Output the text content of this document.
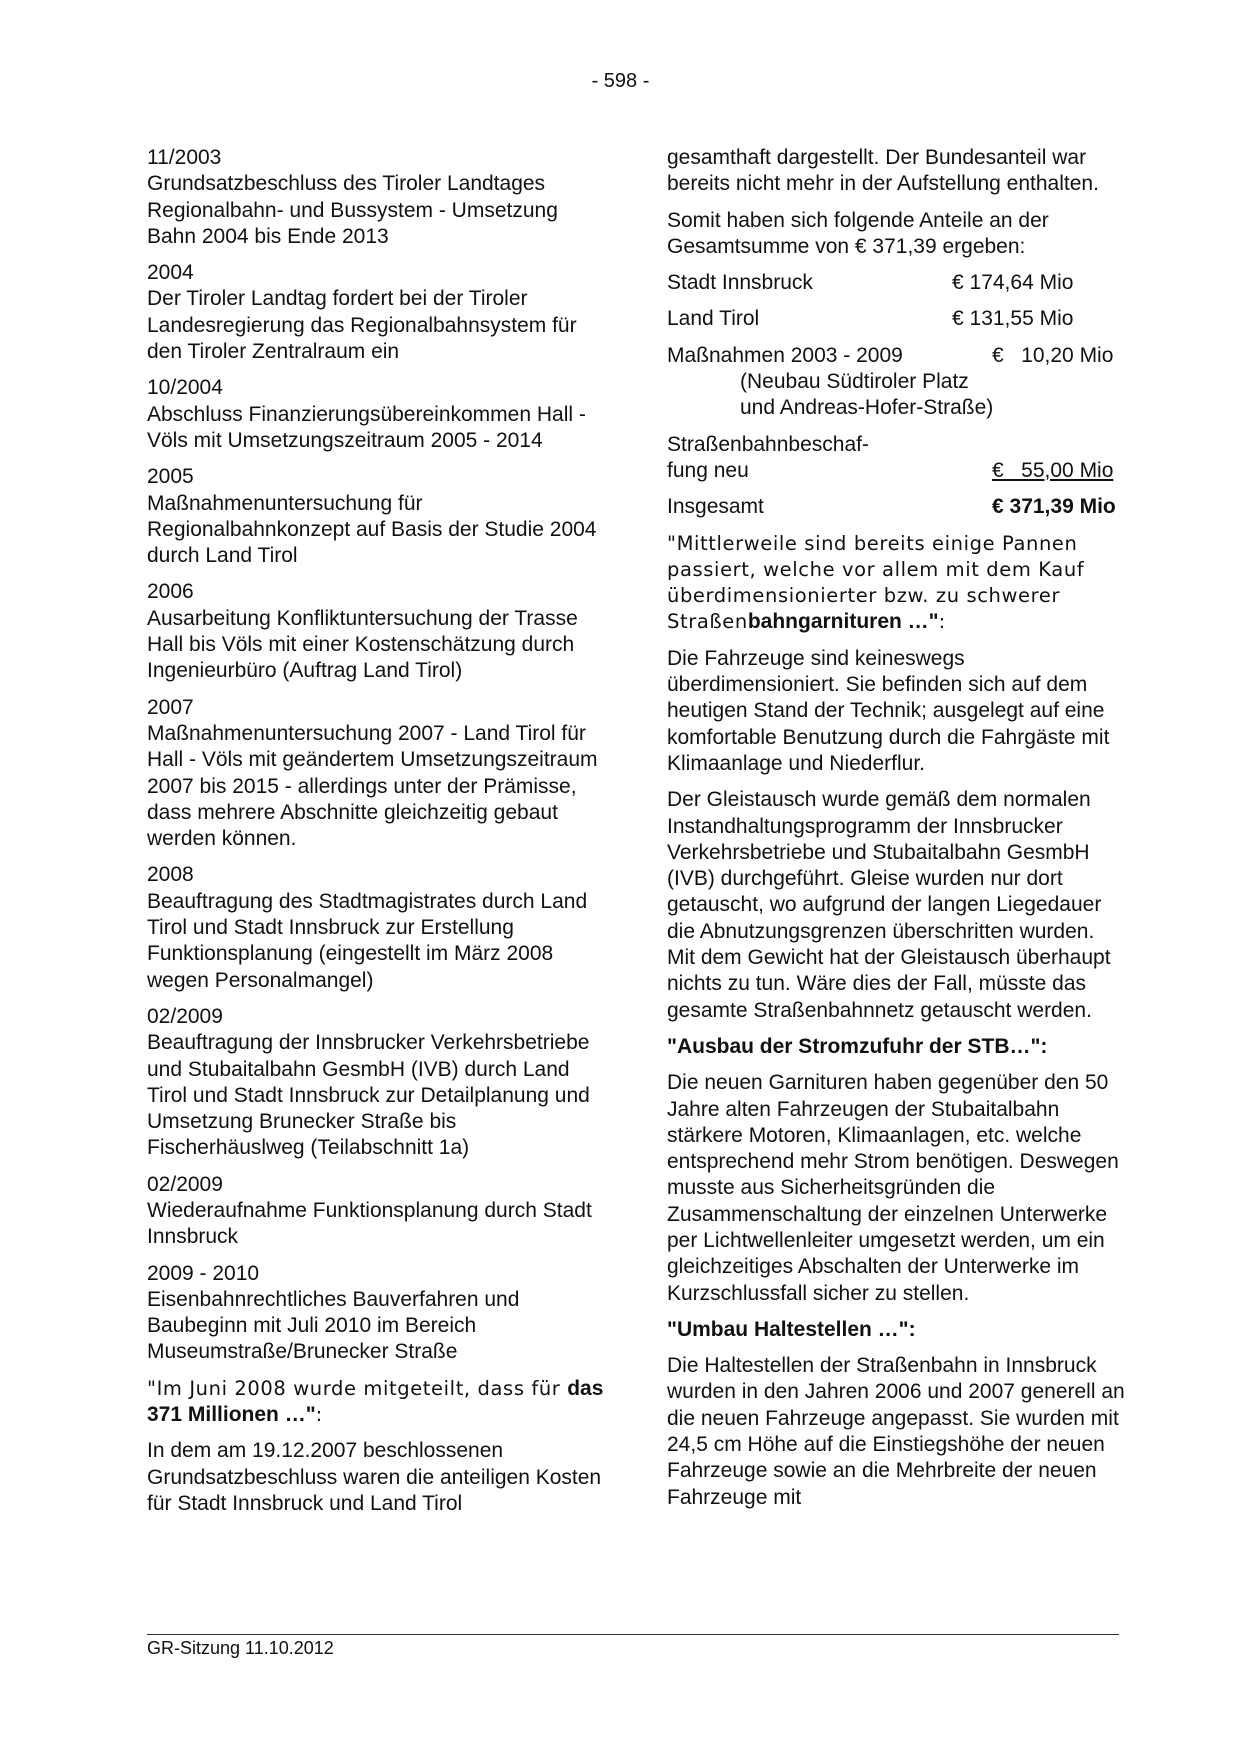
- 598 -
11/2003

Grundsatzbeschluss des Tiroler Landtages Regionalbahn- und Bussystem - Umsetzung Bahn 2004 bis Ende 2013

2004

Der Tiroler Landtag fordert bei der Tiroler Landesregierung das Regionalbahnsystem für den Tiroler Zentralraum ein

10/2004

Abschluss Finanzierungsübereinkommen Hall - Völs mit Umsetzungszeitraum 2005 - 2014

2005

Maßnahmenuntersuchung für Regionalbahnkonzept auf Basis der Studie 2004 durch Land Tirol

2006

Ausarbeitung Konfliktuntersuchung der Trasse Hall bis Völs mit einer Kostenschätzung durch Ingenieurbüro (Auftrag Land Tirol)

2007

Maßnahmenuntersuchung 2007 - Land Tirol für Hall - Völs mit geändertem Umsetzungszeitraum 2007 bis 2015 - allerdings unter der Prämisse, dass mehrere Abschnitte gleichzeitig gebaut werden können.

2008

Beauftragung des Stadtmagistrates durch Land Tirol und Stadt Innsbruck zur Erstellung Funktionsplanung (eingestellt im März 2008 wegen Personalmangel)

02/2009

Beauftragung der Innsbrucker Verkehrsbetriebe und Stubaitalbahn GesmbH (IVB) durch Land Tirol und Stadt Innsbruck zur Detailplanung und Umsetzung Brunecker Straße bis Fischerhäuslweg (Teilabschnitt 1a)

02/2009

Wiederaufnahme Funktionsplanung durch Stadt Innsbruck

2009 - 2010

Eisenbahnrechtliches Bauverfahren und Baubeginn mit Juli 2010 im Bereich Museumstraße/Brunecker Straße

"Im Juni 2008 wurde mitgeteilt, dass für das 371 Millionen …":
In dem am 19.12.2007 beschlossenen Grundsatzbeschluss waren die anteiligen Kosten für Stadt Innsbruck und Land Tirol
gesamthaft dargestellt. Der Bundesanteil war bereits nicht mehr in der Aufstellung enthalten.
Somit haben sich folgende Anteile an der Gesamtsumme von € 371,39 ergeben:
Stadt Innsbruck	€ 174,64 Mio
Land Tirol	€ 131,55 Mio
Maßnahmen 2003 - 2009	€   10,20 Mio
(Neubau Südtiroler Platz
und Andreas-Hofer-Straße)
Straßenbahnbeschaf-
fung neu	€   55,00 Mio
Insgesamt	€ 371,39 Mio
"Mittlerweile sind bereits einige Pannen passiert, welche vor allem mit dem Kauf überdimensionierter bzw. zu schwerer Straßenbahngarnituren …":
Die Fahrzeuge sind keineswegs überdimensioniert. Sie befinden sich auf dem heutigen Stand der Technik; ausgelegt auf eine komfortable Benutzung durch die Fahrgäste mit Klimaanlage und Niederflur.
Der Gleistausch wurde gemäß dem normalen Instandhaltungsprogramm der Innsbrucker Verkehrsbetriebe und Stubaitalbahn GesmbH (IVB) durchgeführt. Gleise wurden nur dort getauscht, wo aufgrund der langen Liegedauer die Abnutzungsgrenzen überschritten wurden. Mit dem Gewicht hat der Gleistausch überhaupt nichts zu tun. Wäre dies der Fall, müsste das gesamte Straßenbahnnetz getauscht werden.
"Ausbau der Stromzufuhr der STB…":
Die neuen Garnituren haben gegenüber den 50 Jahre alten Fahrzeugen der Stubaitalbahn stärkere Motoren, Klimaanlagen, etc. welche entsprechend mehr Strom benötigen. Deswegen musste aus Sicherheitsgründen die Zusammenschaltung der einzelnen Unterwerke per Lichtwellenleiter umgesetzt werden, um ein gleichzeitiges Abschalten der Unterwerke im Kurzschlussfall sicher zu stellen.
"Umbau Haltestellen …":
Die Haltestellen der Straßenbahn in Innsbruck wurden in den Jahren 2006 und 2007 generell an die neuen Fahrzeuge angepasst. Sie wurden mit 24,5 cm Höhe auf die Einstiegshöhe der neuen Fahrzeuge sowie an die Mehrbreite der neuen Fahrzeuge mit
GR-Sitzung 11.10.2012
